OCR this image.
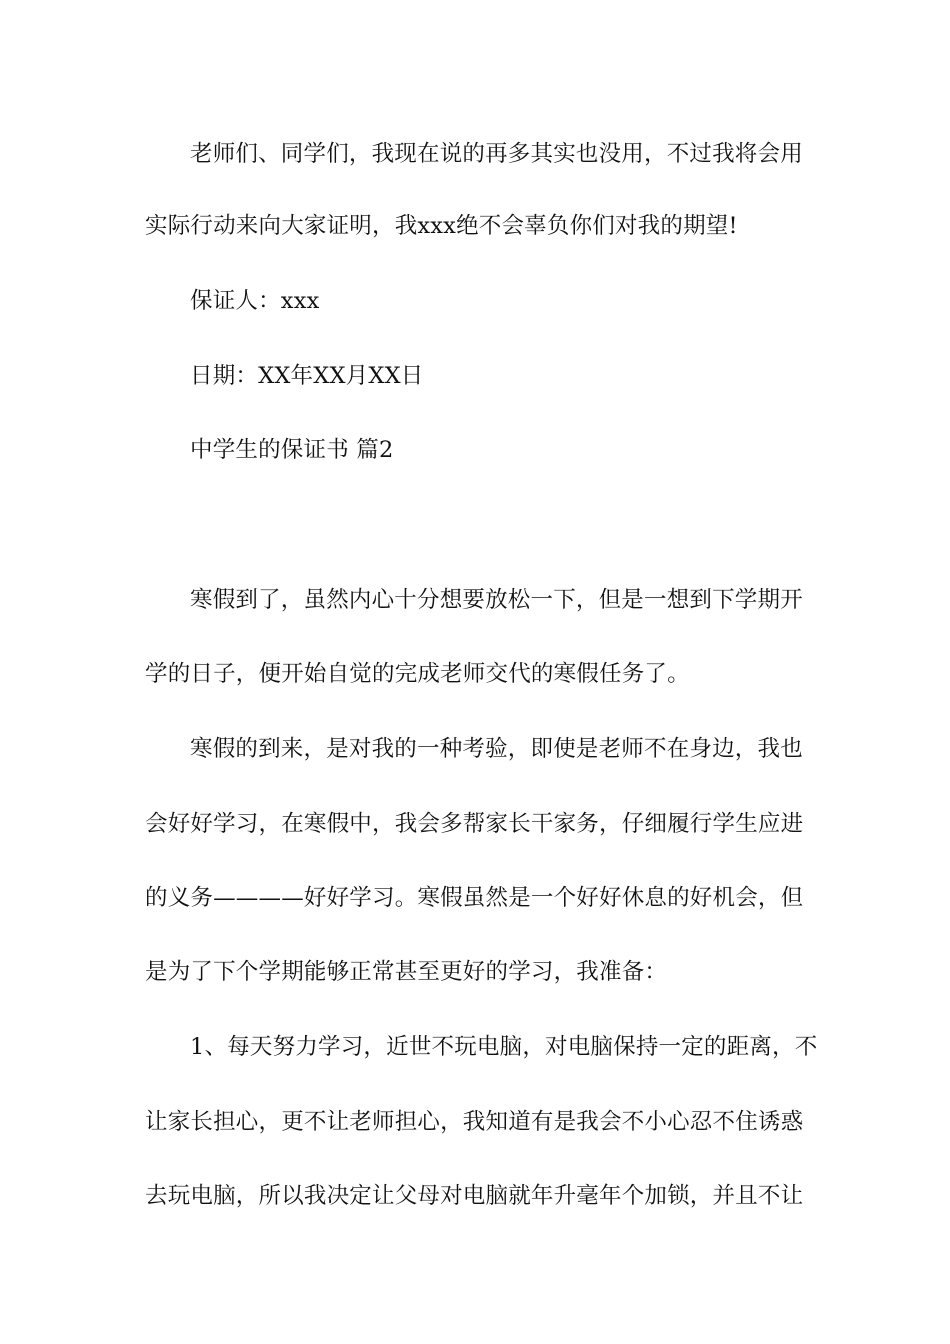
老师们、同学们，我现在说的再多其实也没用，不过我将会用
实际行动来向大家证明，我xxx绝不会辜负你们对我的期望!
保证人：xxx
日期：XX年XX月XX日
中学生的保证书 篇2
寒假到了，虽然内心十分想要放松一下，但是一想到下学期开
学的日子，便开始自觉的完成老师交代的寒假任务了。
寒假的到来，是对我的一种考验，即使是老师不在身边，我也
会好好学习，在寒假中，我会多帮家长干家务，仔细履行学生应进
的义务————好好学习。寒假虽然是一个好好休息的好机会，但
是为了下个学期能够正常甚至更好的学习，我准备：
1、每天努力学习，近世不玩电脑，对电脑保持一定的距离，不
让家长担心，更不让老师担心，我知道有是我会不小心忍不住诱惑
去玩电脑，所以我决定让父母对电脑就年升毫年个加锁，并且不让
